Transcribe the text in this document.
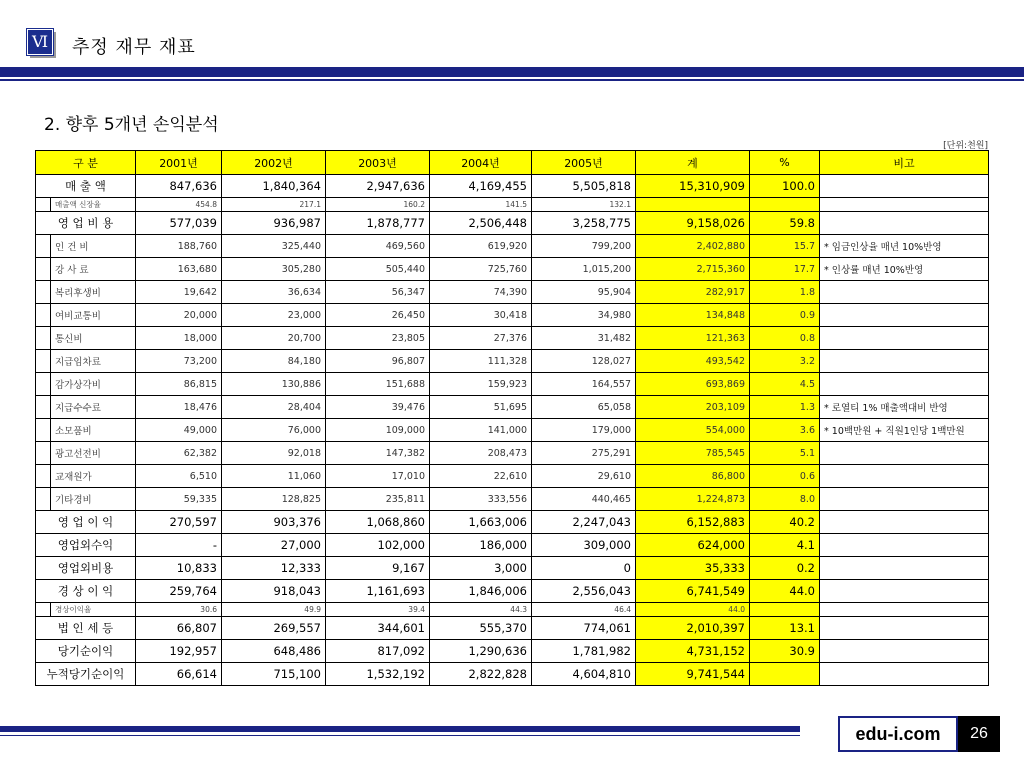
Ⅵ 추정 재무 재표
2. 향후 5개년 손익분석
[단위:천원]
구 분	2001년	2002년	2003년	2004년	2005년	계	%	비고
매 출 액	847,636	1,840,364	2,947,636	4,169,455	5,505,818	15,310,909	100.0	

매출액 신장율	454.8	217.1	160.2	141.5	132.1			
영 업 비 용	577,039	936,987	1,878,777	2,506,448	3,258,775	9,158,026	59.8	

인 건 비	188,760	325,440	469,560	619,920	799,200	2,402,880	15.7	* 임금인상율 매년 10%반영

강 사 료	163,680	305,280	505,440	725,760	1,015,200	2,715,360	17.7	* 인상률 매년 10%반영

복리후생비	19,642	36,634	56,347	74,390	95,904	282,917	1.8	

여비교통비	20,000	23,000	26,450	30,418	34,980	134,848	0.9	

통신비	18,000	20,700	23,805	27,376	31,482	121,363	0.8	

지급임차료	73,200	84,180	96,807	111,328	128,027	493,542	3.2	

감가상각비	86,815	130,886	151,688	159,923	164,557	693,869	4.5	

지급수수료	18,476	28,404	39,476	51,695	65,058	203,109	1.3	* 로열티 1% 매출액대비 반영

소모품비	49,000	76,000	109,000	141,000	179,000	554,000	3.6	* 10백만원 + 직원1인당 1백만원

광고선전비	62,382	92,018	147,382	208,473	275,291	785,545	5.1	

교재원가	6,510	11,060	17,010	22,610	29,610	86,800	0.6	

기타경비	59,335	128,825	235,811	333,556	440,465	1,224,873	8.0	
영 업 이 익	270,597	903,376	1,068,860	1,663,006	2,247,043	6,152,883	40.2	
영업외수익	-	27,000	102,000	186,000	309,000	624,000	4.1	
영업외비용	10,833	12,333	9,167	3,000	0	35,333	0.2	
경 상 이 익	259,764	918,043	1,161,693	1,846,006	2,556,043	6,741,549	44.0	

경상이익율	30.6	49.9	39.4	44.3	46.4	44.0		
법 인 세 등	66,807	269,557	344,601	555,370	774,061	2,010,397	13.1	
당기순이익	192,957	648,486	817,092	1,290,636	1,781,982	4,731,152	30.9	
누적당기순이익	66,614	715,100	1,532,192	2,822,828	4,604,810	9,741,544		
edu-i.com	26
